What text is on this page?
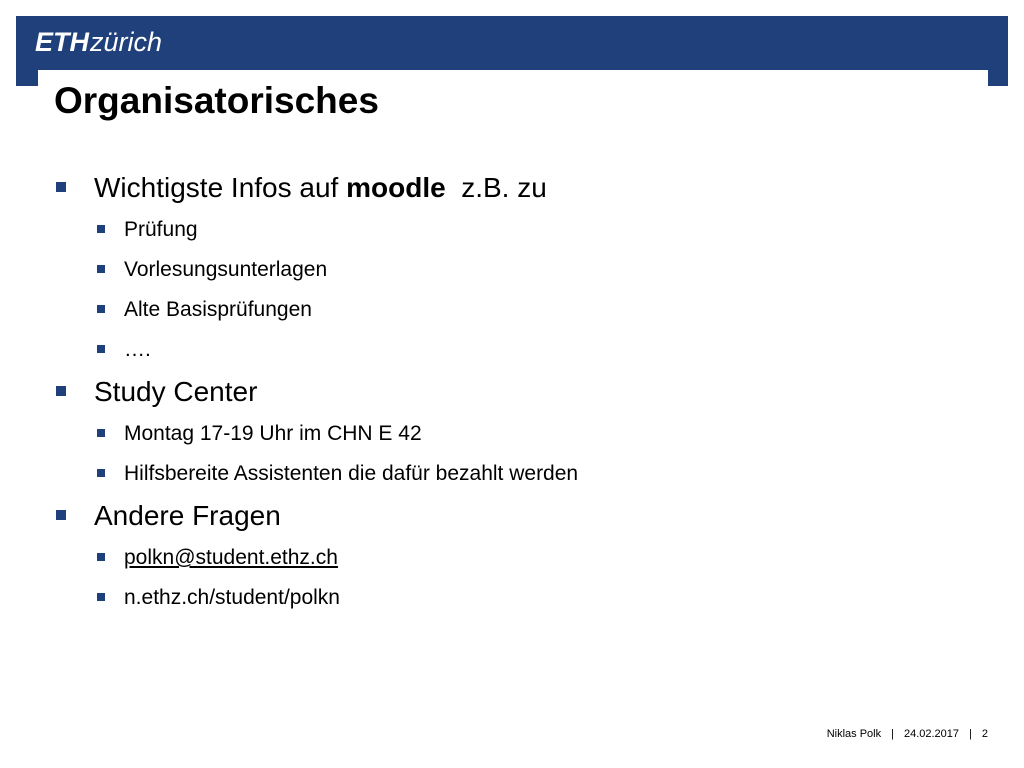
ETHzürich
Organisatorisches
Wichtigste Infos auf moodle  z.B. zu
Prüfung
Vorlesungsunterlagen
Alte Basisprüfungen
….
Study Center
Montag 17-19 Uhr im CHN E 42
Hilfsbereite Assistenten die dafür bezahlt werden
Andere Fragen
polkn@student.ethz.ch
n.ethz.ch/student/polkn
Niklas Polk | 24.02.2017 | 2
